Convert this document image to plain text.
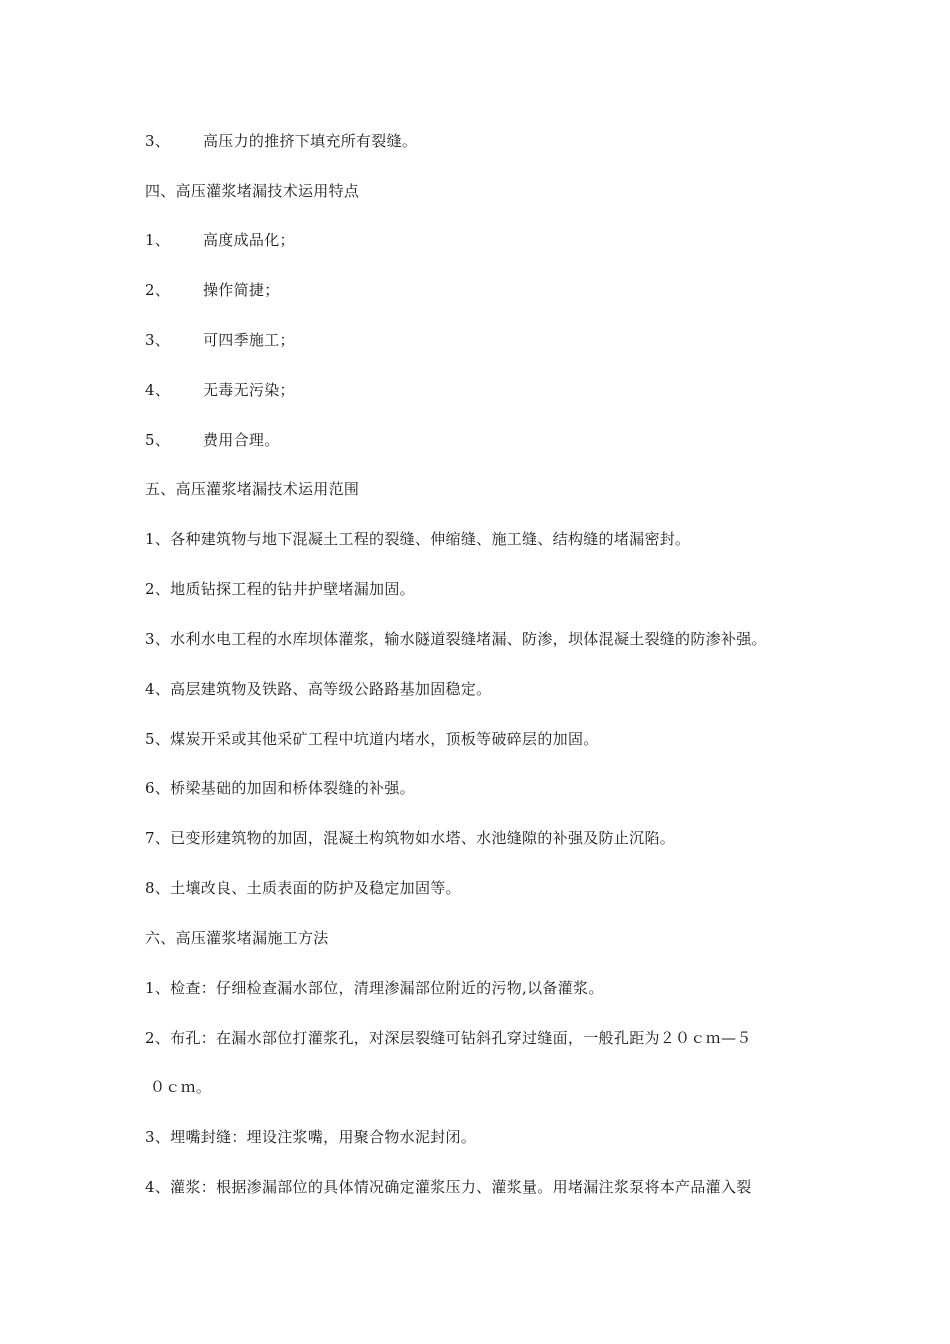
3、 高压力的推挤下填充所有裂缝。
四、高压灌浆堵漏技术运用特点
1、 高度成品化；
2、 操作简捷；
3、 可四季施工；
4、 无毒无污染；
5、 费用合理。
五、高压灌浆堵漏技术运用范围
1、各种建筑物与地下混凝土工程的裂缝、伸缩缝、施工缝、结构缝的堵漏密封。
2、地质钻探工程的钻井护壁堵漏加固。
3、水利水电工程的水库坝体灌浆，输水隧道裂缝堵漏、防渗，坝体混凝土裂缝的防渗补强。
4、高层建筑物及铁路、高等级公路路基加固稳定。
5、煤炭开采或其他采矿工程中坑道内堵水，顶板等破碎层的加固。
6、桥梁基础的加固和桥体裂缝的补强。
7、已变形建筑物的加固，混凝土构筑物如水塔、水池缝隙的补强及防止沉陷。
8、土壤改良、土质表面的防护及稳定加固等。
六、高压灌浆堵漏施工方法
1、检查：仔细检查漏水部位，清理渗漏部位附近的污物,以备灌浆。
2、布孔：在漏水部位打灌浆孔，对深层裂缝可钻斜孔穿过缝面，一般孔距为２０ｃｍ—５
０ｃｍ。
3、埋嘴封缝：埋设注浆嘴，用聚合物水泥封闭。
4、灌浆：根据渗漏部位的具体情况确定灌浆压力、灌浆量。用堵漏注浆泵将本产品灌入裂
